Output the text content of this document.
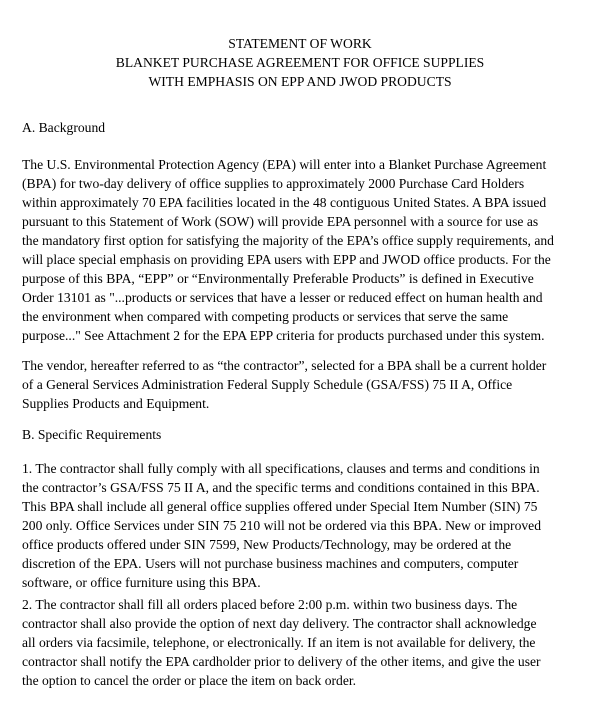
STATEMENT OF WORK
BLANKET PURCHASE AGREEMENT FOR OFFICE SUPPLIES
WITH EMPHASIS ON EPP AND JWOD PRODUCTS
A. Background
The U.S. Environmental Protection Agency (EPA) will enter into a Blanket Purchase Agreement
(BPA) for two-day delivery of office supplies to approximately 2000 Purchase Card Holders
within approximately 70 EPA facilities located in the 48 contiguous United States. A BPA issued
pursuant to this Statement of Work (SOW) will provide EPA personnel with a source for use as
the mandatory first option for satisfying the majority of the EPA’s office supply requirements, and
will place special emphasis on providing EPA users with EPP and JWOD office products. For the
purpose of this BPA, “EPP” or “Environmentally Preferable Products” is defined in Executive
Order 13101 as "...products or services that have a lesser or reduced effect on human health and
the environment when compared with competing products or services that serve the same
purpose..." See Attachment 2 for the EPA EPP criteria for products purchased under this system.
The vendor, hereafter referred to as “the contractor”, selected for a BPA shall be a current holder
of a General Services Administration Federal Supply Schedule (GSA/FSS) 75 II A, Office
Supplies Products and Equipment.
B. Specific Requirements
1. The contractor shall fully comply with all specifications, clauses and terms and conditions in
the contractor’s GSA/FSS 75 II A, and the specific terms and conditions contained in this BPA.
This BPA shall include all general office supplies offered under Special Item Number (SIN) 75
200 only. Office Services under SIN 75 210 will not be ordered via this BPA. New or improved
office products offered under SIN 7599, New Products/Technology, may be ordered at the
discretion of the EPA. Users will not purchase business machines and computers, computer
software, or office furniture using this BPA.
2. The contractor shall fill all orders placed before 2:00 p.m. within two business days. The
contractor shall also provide the option of next day delivery. The contractor shall acknowledge
all orders via facsimile, telephone, or electronically. If an item is not available for delivery, the
contractor shall notify the EPA cardholder prior to delivery of the other items, and give the user
the option to cancel the order or place the item on back order.
